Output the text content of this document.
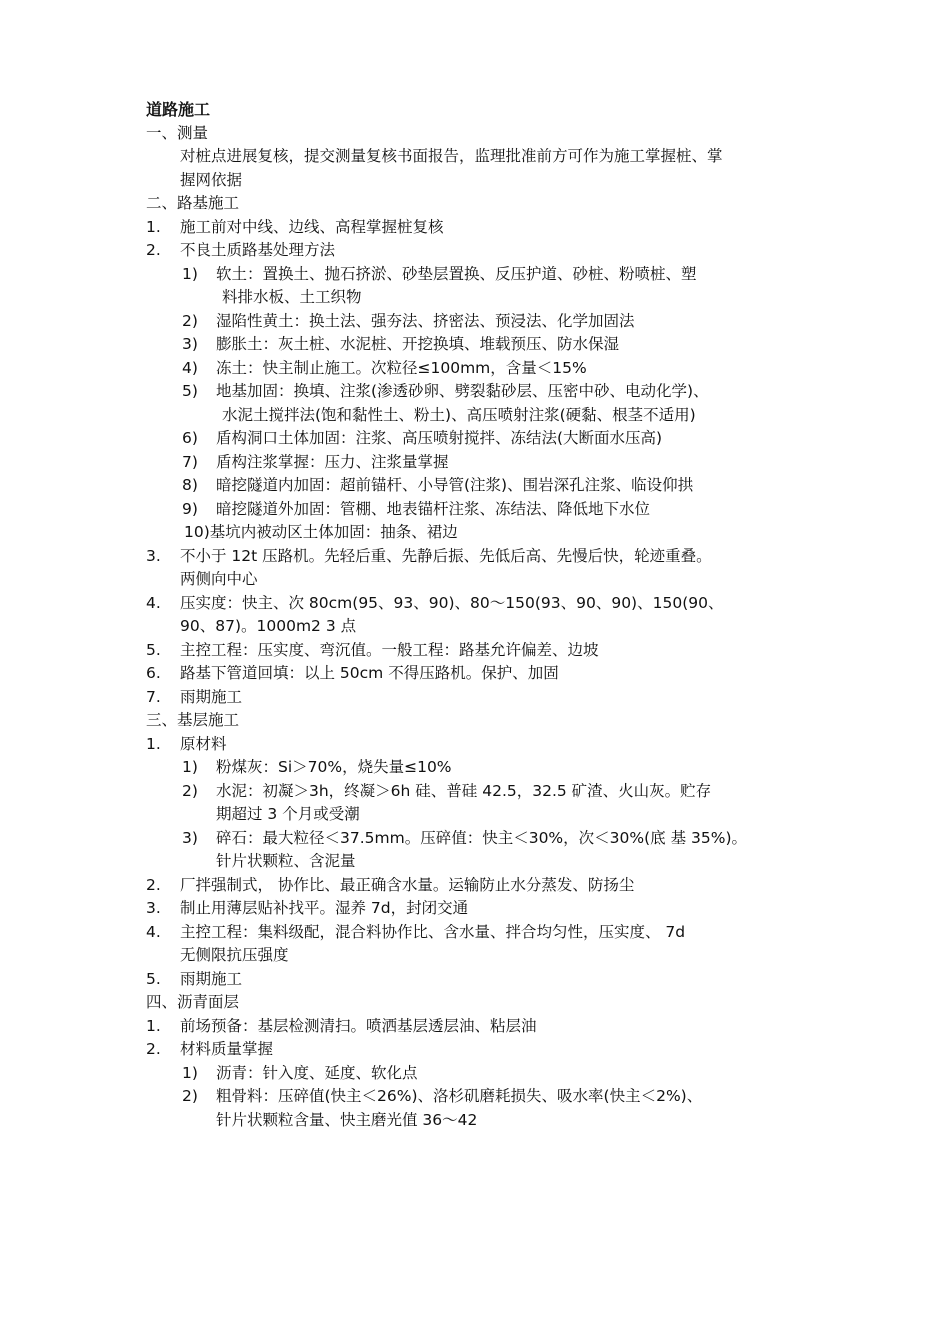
道路施工
一、测量
对桩点进展复核，提交测量复核书面报告，监理批准前方可作为施工掌握桩、掌
握网依据
二、路基施工
1. 施工前对中线、边线、高程掌握桩复核
2. 不良土质路基处理方法
1) 软土：置换土、抛石挤淤、砂垫层置换、反压护道、砂桩、粉喷桩、塑
料排水板、土工织物
2) 湿陷性黄土：换土法、强夯法、挤密法、预浸法、化学加固法
3) 膨胀土：灰土桩、水泥桩、开挖换填、堆载预压、防水保湿
4) 冻土：快主制止施工。次粒径≤100mm，含量＜15%
5) 地基加固：换填、注浆(渗透砂卵、劈裂黏砂层、压密中砂、电动化学)、
水泥土搅拌法(饱和黏性土、粉土)、高压喷射注浆(硬黏、根茎不适用)
6) 盾构洞口土体加固：注浆、高压喷射搅拌、冻结法(大断面水压高)
7) 盾构注浆掌握：压力、注浆量掌握
8) 暗挖隧道内加固：超前锚杆、小导管(注浆)、围岩深孔注浆、临设仰拱
9) 暗挖隧道外加固：管棚、地表锚杆注浆、冻结法、降低地下水位
10)基坑内被动区土体加固：抽条、裙边
3. 不小于 12t 压路机。先轻后重、先静后振、先低后高、先慢后快，轮迹重叠。
两侧向中心
4. 压实度：快主、次 80cm(95、93、90)、80～150(93、90、90)、150(90、
90、87)。1000m2 3 点
5. 主控工程：压实度、弯沉值。一般工程：路基允许偏差、边坡
6. 路基下管道回填：以上 50cm 不得压路机。保护、加固
7. 雨期施工
三、基层施工
1. 原材料
1) 粉煤灰：Si＞70%，烧失量≤10%
2) 水泥：初凝＞3h，终凝＞6h 硅、普硅 42.5，32.5 矿渣、火山灰。贮存
期超过 3 个月或受潮
3) 碎石：最大粒径＜37.5mm。压碎值：快主＜30%，次＜30%(底 基 35%)。
针片状颗粒、含泥量
2. 厂拌强制式， 协作比、最正确含水量。运输防止水分蒸发、防扬尘
3. 制止用薄层贴补找平。湿养 7d，封闭交通
4. 主控工程：集料级配，混合料协作比、含水量、拌合均匀性，压实度、 7d
无侧限抗压强度
5. 雨期施工
四、沥青面层
1. 前场预备：基层检测清扫。喷洒基层透层油、粘层油
2. 材料质量掌握
1) 沥青：针入度、延度、软化点
2) 粗骨料：压碎值(快主＜26%)、洛杉矶磨耗损失、吸水率(快主＜2%)、
针片状颗粒含量、快主磨光值 36～42
